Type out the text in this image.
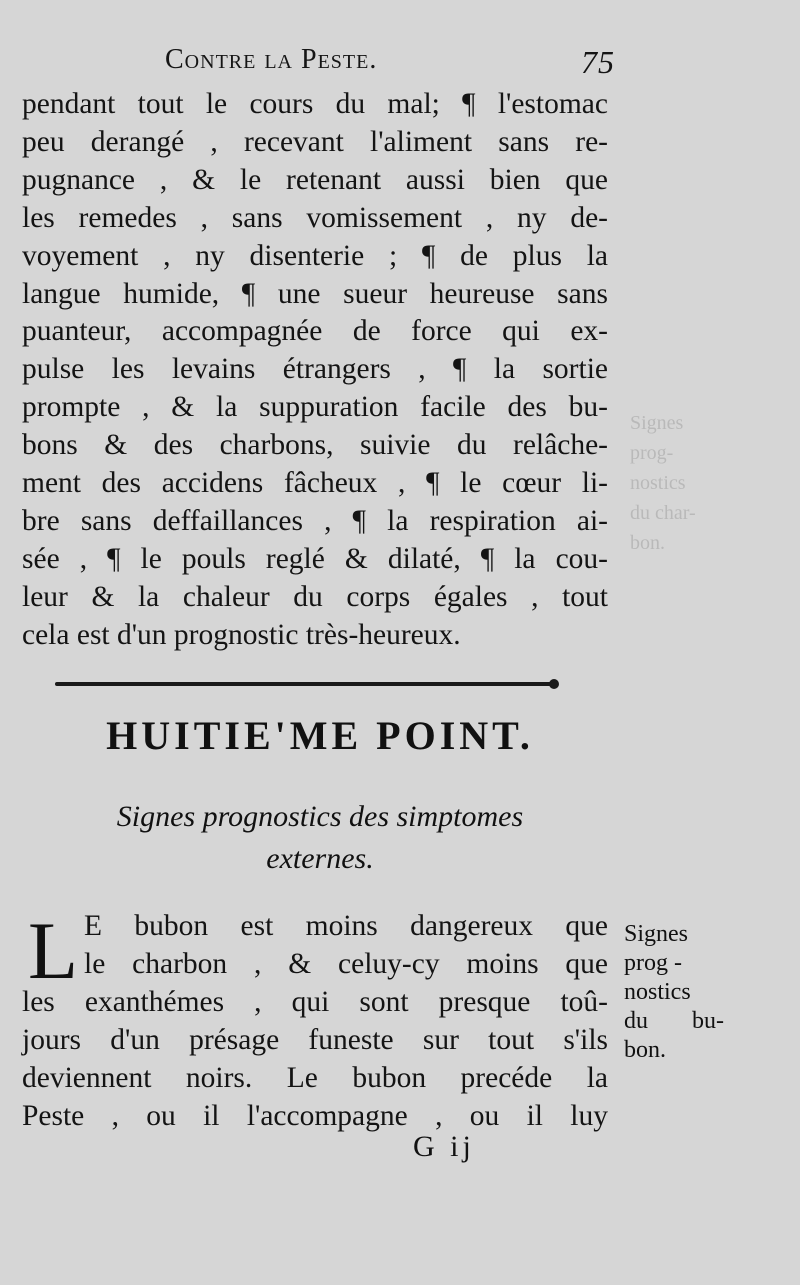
Signes
prog-
nostics
du char-
bon.
Contre la Peste.	75
pendant tout le cours du mal; ¶ l'estomac
peu derangé , recevant l'aliment sans re-
pugnance , & le retenant aussi bien que
les remedes , sans vomissement , ny de-
voyement , ny disenterie ; ¶ de plus la
langue humide, ¶ une sueur heureuse sans
puanteur, accompagnée de force qui ex-
pulse les levains étrangers , ¶ la sortie
prompte , & la suppuration facile des bu-
bons & des charbons, suivie du relâche-
ment des accidens fâcheux , ¶ le cœur li-
bre sans deffaillances , ¶ la respiration ai-
sée , ¶ le pouls reglé & dilaté, ¶ la cou-
leur & la chaleur du corps égales , tout
cela est d'un prognostic très-heureux.
HUITIE'ME POINT.
Signes prognostics des simptomes
externes.
L E bubon est moins dangereux que
le charbon , & celuy-cy moins que
les exanthémes , qui sont presque toû-
jours d'un présage funeste sur tout s'ils
deviennent noirs. Le bubon precéde la
Peste , ou il l'accompagne , ou il luy
Signes
prog -
nostics
du bu-
bon.
G ij
